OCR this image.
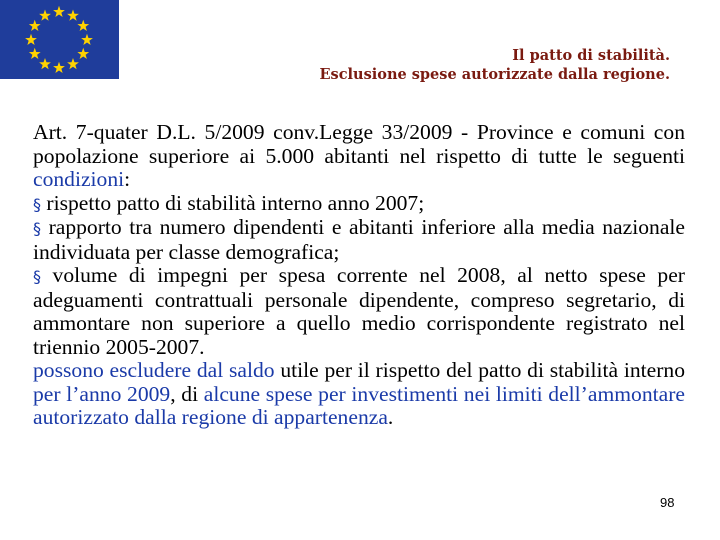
Il patto di stabilità.
Esclusione spese autorizzate dalla regione.

Art. 7-quater D.L. 5/2009 conv.Legge 33/2009 - Province e comuni con popolazione superiore ai 5.000 abitanti nel rispetto di tutte le seguenti condizioni:

§ rispetto patto di stabilità interno anno 2007;

§ rapporto tra numero dipendenti e abitanti inferiore alla media nazionale individuata per classe demografica;

§ volume di impegni per spesa corrente nel 2008, al netto spese per adeguamenti contrattuali personale dipendente, compreso segretario, di ammontare non superiore a quello medio corrispondente registrato nel triennio 2005-2007.

possono escludere dal saldo utile per il rispetto del patto di stabilità interno per l’anno 2009, di alcune spese per investimenti nei limiti dell’ammontare autorizzato dalla regione di appartenenza.

98
